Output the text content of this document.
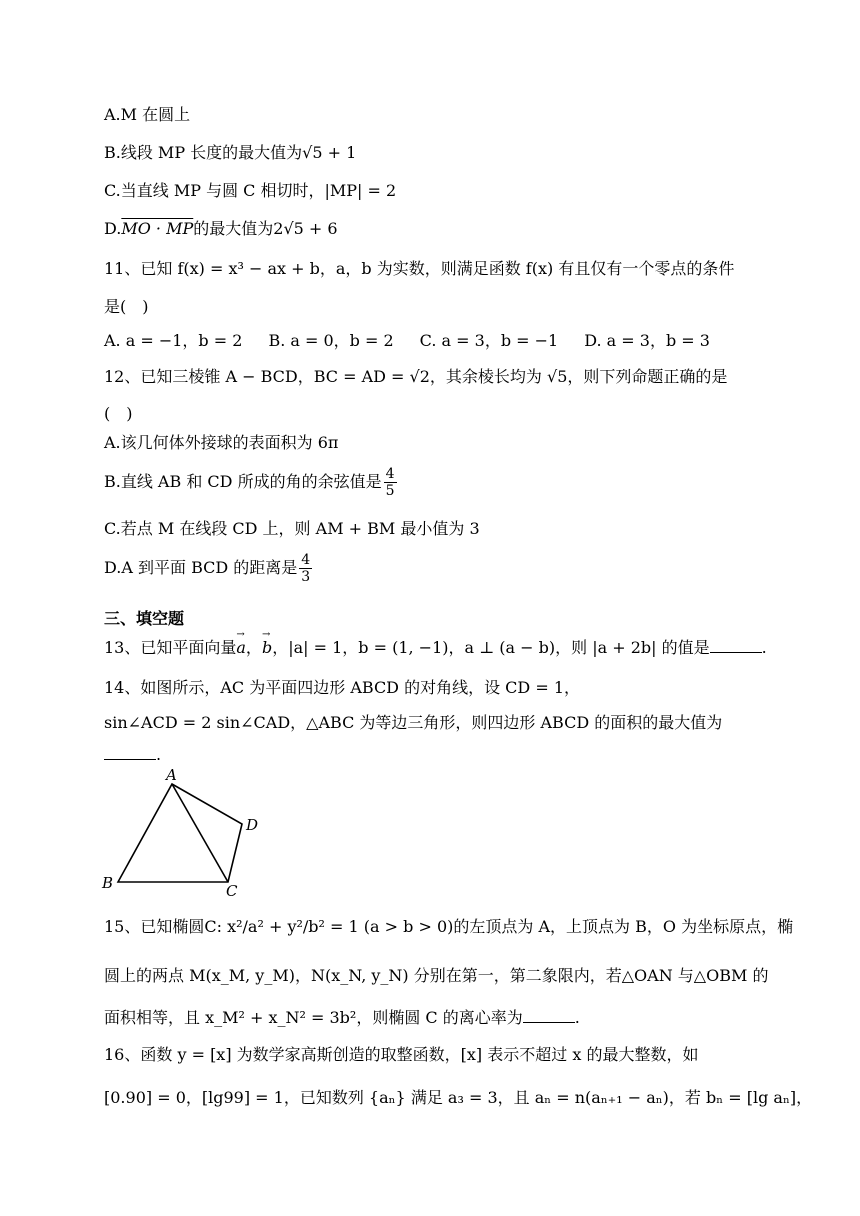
A.M 在圆上
B.线段 MP 长度的最大值为√5 + 1
C.当直线 MP 与圆 C 相切时，|MP| = 2
D.MO · MP的最大值为2√5 + 6
11、已知 f(x) = x³ − ax + b，a，b 为实数，则满足函数 f(x) 有且仅有一个零点的条件
是(　)
A. a = −1，b = 2 B. a = 0，b = 2 C. a = 3，b = −1 D. a = 3，b = 3
12、已知三棱锥 A − BCD，BC = AD = √2，其余棱长均为 √5，则下列命题正确的是
(　)
A.该几何体外接球的表面积为 6π
B.直线 AB 和 CD 所成的角的余弦值是 $\frac{4}{5}$
C.若点 M 在线段 CD 上，则 AM + BM 最小值为 3
D.A 到平面 BCD 的距离是 $\frac{4}{3}$
三、填空题
13、已知平面向量→ a，→ b，|a| = 1，b = (1, −1)，a ⊥ (a − b)，则 |a + 2b| 的值是	.
14、如图所示，AC 为平面四边形 ABCD 的对角线，设 CD = 1，
sin∠ACD = 2 sin∠CAD，△ABC 为等边三角形，则四边形 ABCD 的面积的最大值为
.
A
B	C
D
15、已知椭圆C: x²/a² + y²/b² = 1 (a > b > 0)的左顶点为 A，上顶点为 B，O 为坐标原点，椭
圆上的两点 M(x_M, y_M)，N(x_N, y_N) 分别在第一，第二象限内，若△OAN 与△OBM 的
面积相等，且 x_M² + x_N² = 3b²，则椭圆 C 的离心率为	.
16、函数 y = [x] 为数学家高斯创造的取整函数，[x] 表示不超过 x 的最大整数，如
[0.90] = 0，[lg99] = 1，已知数列 {aₙ} 满足 a₃ = 3，且 aₙ = n(aₙ₊₁ − aₙ)，若 bₙ = [lg aₙ]，
